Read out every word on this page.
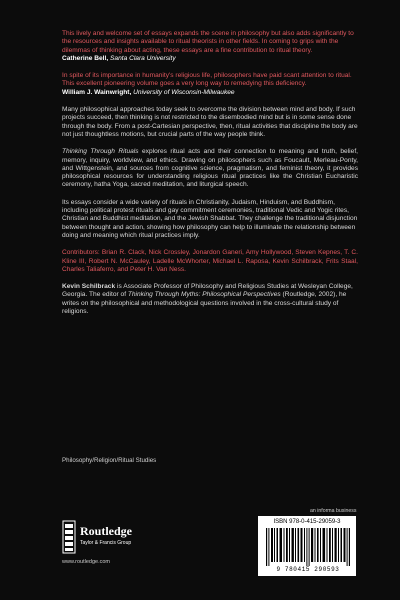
This lively and welcome set of essays expands the scene in philosophy but also adds significantly to the resources and insights available to ritual theorists in other fields. In coming to grips with the dilemmas of thinking about acting, these essays are a fine contribution to ritual theory.

Catherine Bell, Santa Clara University

In spite of its importance in humanity's religious life, philosophers have paid scant attention to ritual. This excellent pioneering volume goes a very long way to remedying this deficiency.

William J. Wainwright, University of Wisconsin-Milwaukee

Many philosophical approaches today seek to overcome the division between mind and body. If such projects succeed, then thinking is not restricted to the disembodied mind but is in some sense done through the body. From a post-Cartesian perspective, then, ritual activities that discipline the body are not just thoughtless motions, but crucial parts of the way people think.

Thinking Through Rituals explores ritual acts and their connection to meaning and truth, belief, memory, inquiry, worldview, and ethics. Drawing on philosophers such as Foucault, Merleau-Ponty, and Wittgenstein, and sources from cognitive science, pragmatism, and feminist theory, it provides philosophical resources for understanding religious ritual practices like the Christian Eucharistic ceremony, hatha Yoga, sacred meditation, and liturgical speech.

Its essays consider a wide variety of rituals in Christianity, Judaism, Hinduism, and Buddhism, including political protest rituals and gay commitment ceremonies, traditional Vedic and Yogic rites, Christian and Buddhist meditation, and the Jewish Shabbat. They challenge the traditional disjunction between thought and action, showing how philosophy can help to illuminate the relationship between doing and meaning which ritual practices imply.

Contributors: Brian R. Clack, Nick Crossley, Jonardon Ganeri, Amy Hollywood, Steven Kepnes, T. C. Kline III, Robert N. McCauley, Ladelle McWhorter, Michael L. Raposa, Kevin Schilbrack, Frits Staal, Charles Taliaferro, and Peter H. Van Ness.

Kevin Schilbrack is Associate Professor of Philosophy and Religious Studies at Wesleyan College, Georgia. The editor of Thinking Through Myths: Philosophical Perspectives (Routledge, 2002), he writes on the philosophical and methodological questions involved in the cross-cultural study of religions.

Philosophy/Religion/Ritual Studies
an informa business
Routledge
Taylor & Francis Group
www.routledge.com
ISBN 978-0-415-29059-3
9 780415 290593
